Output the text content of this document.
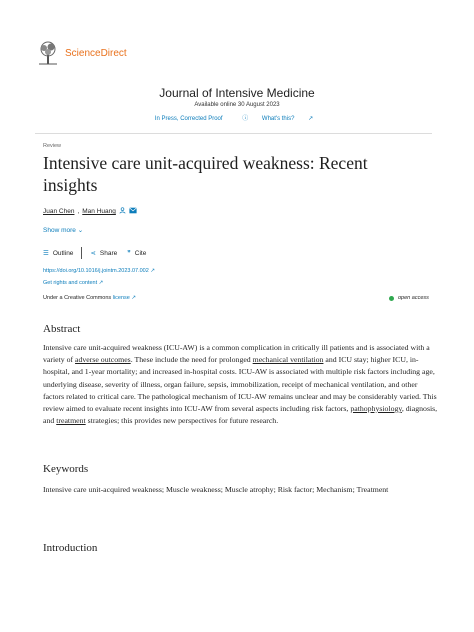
ScienceDirect
Journal of Intensive Medicine
Available online 30 August 2023
In Press, Corrected Proof	ⓘ What's this? ↗
Review
Intensive care unit-acquired weakness: Recent insights
Juan Chen , Man Huang
Show more ⌄
☰ Outline	⋖ Share ❞ Cite
https://doi.org/10.1016/j.jointm.2023.07.002 ↗
Get rights and content ↗
Under a Creative Commons license ↗	open access
Abstract
Intensive care unit-acquired weakness (ICU-AW) is a common complication in critically ill patients and is associated with a variety of adverse outcomes. These include the need for prolonged mechanical ventilation and ICU stay; higher ICU, in-hospital, and 1-year mortality; and increased in-hospital costs. ICU-AW is associated with multiple risk factors including age, underlying disease, severity of illness, organ failure, sepsis, immobilization, receipt of mechanical ventilation, and other factors related to critical care. The pathological mechanism of ICU-AW remains unclear and may be considerably varied. This review aimed to evaluate recent insights into ICU-AW from several aspects including risk factors, pathophysiology, diagnosis, and treatment strategies; this provides new perspectives for future research.
Keywords
Intensive care unit-acquired weakness; Muscle weakness; Muscle atrophy; Risk factor; Mechanism; Treatment
Introduction
